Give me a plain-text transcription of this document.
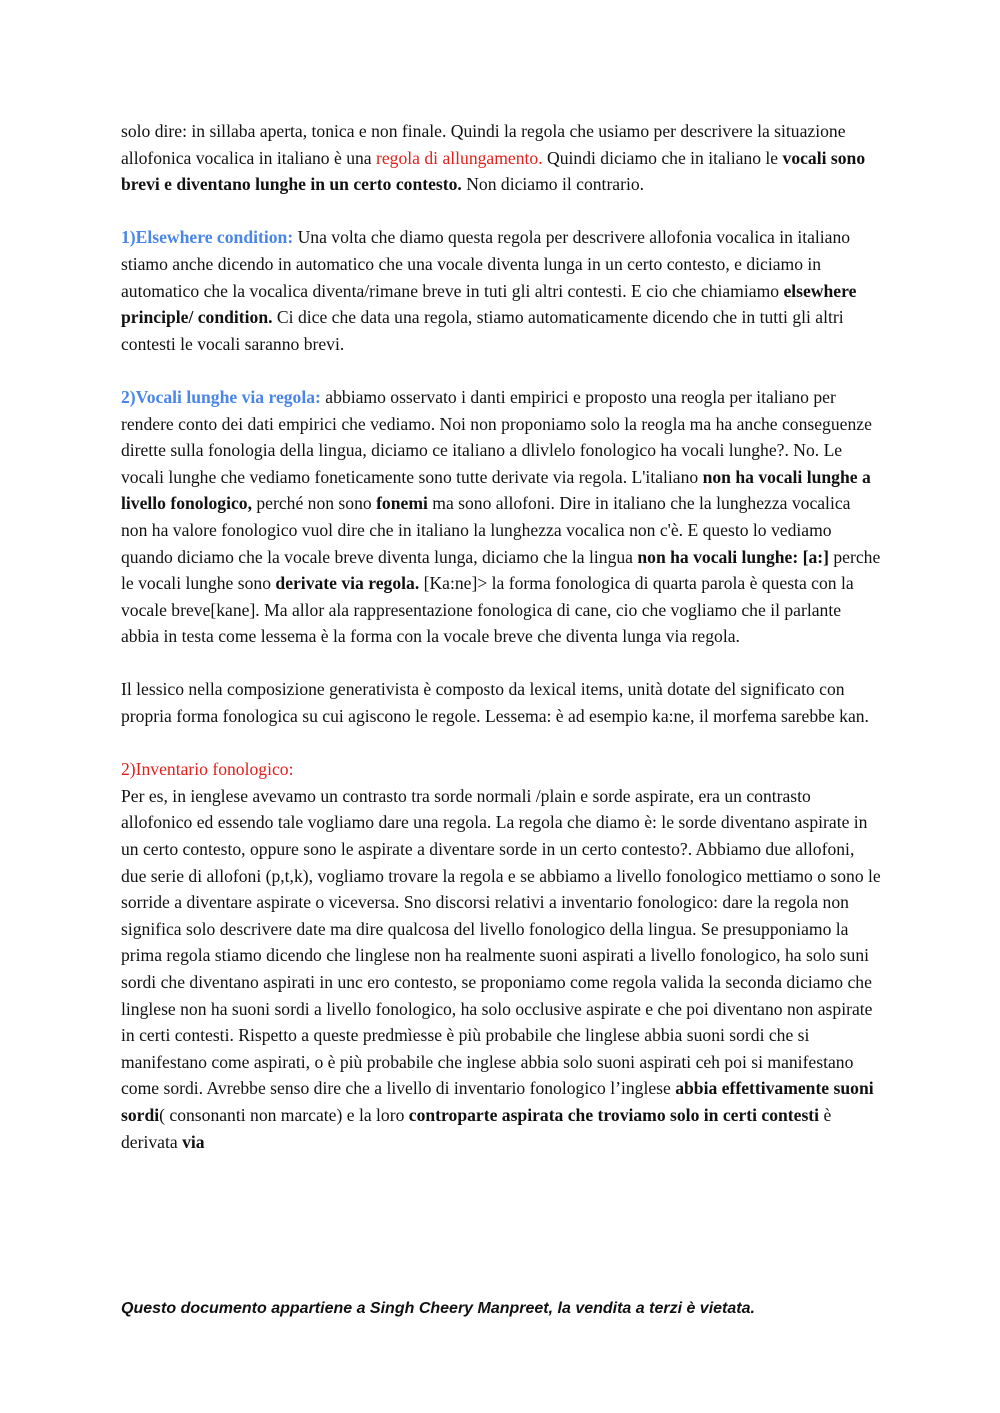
solo dire: in sillaba aperta, tonica e non finale. Quindi la regola che usiamo per descrivere la situazione allofonica vocalica in italiano è una regola di allungamento. Quindi diciamo che in italiano le vocali sono brevi e diventano lunghe in un certo contesto. Non diciamo il contrario.

1)Elsewhere condition: Una volta che diamo questa regola per descrivere allofonia vocalica in italiano stiamo anche dicendo in automatico che una vocale diventa lunga in un certo contesto, e diciamo in automatico che la vocalica diventa/rimane breve in tuti gli altri contesti. E cio che chiamiamo elsewhere principle/ condition. Ci dice che data una regola, stiamo automaticamente dicendo che in tutti gli altri contesti le vocali saranno brevi.

2)Vocali lunghe via regola: abbiamo osservato i danti empirici e proposto una reogla per italiano per rendere conto dei dati empirici che vediamo. Noi non proponiamo solo la reogla ma ha anche conseguenze dirette sulla fonologia della lingua, diciamo ce italiano a dlivlelo fonologico ha vocali lunghe?. No. Le vocali lunghe che vediamo foneticamente sono tutte derivate via regola. L'italiano non ha vocali lunghe a livello fonologico, perché non sono fonemi ma sono allofoni. Dire in italiano che la lunghezza vocalica non ha valore fonologico vuol dire che in italiano la lunghezza vocalica non c'è. E questo lo vediamo quando diciamo che la vocale breve diventa lunga, diciamo che la lingua non ha vocali lunghe: [a:] perche le vocali lunghe sono derivate via regola. [Ka:ne]> la forma fonologica di quarta parola è questa con la vocale breve[kane]. Ma allor ala rappresentazione fonologica di cane, cio che vogliamo che il parlante abbia in testa come lessema è la forma con la vocale breve che diventa lunga via regola.

Il lessico nella composizione generativista è composto da lexical items, unità dotate del significato con propria forma fonologica su cui agiscono le regole. Lessema: è ad esempio ka:ne, il morfema sarebbe kan.

2)Inventario fonologico:

Per es, in ienglese avevamo un contrasto tra sorde normali /plain e sorde aspirate, era un contrasto allofonico ed essendo tale vogliamo dare una regola. La regola che diamo è: le sorde diventano aspirate in un certo contesto, oppure sono le aspirate a diventare sorde in un certo contesto?. Abbiamo due allofoni, due serie di allofoni (p,t,k), vogliamo trovare la regola e se abbiamo a livello fonologico mettiamo o sono le sorride a diventare aspirate o viceversa. Sno discorsi relativi a inventario fonologico: dare la regola non significa solo descrivere date ma dire qualcosa del livello fonologico della lingua. Se presupponiamo la prima regola stiamo dicendo che linglese non ha realmente suoni aspirati a livello fonologico, ha solo suni sordi che diventano aspirati in unc ero contesto, se proponiamo come regola valida la seconda diciamo che linglese non ha suoni sordi a livello fonologico, ha solo occlusive aspirate e che poi diventano non aspirate in certi contesti. Rispetto a queste predmìesse è più probabile che linglese abbia suoni sordi che si manifestano come aspirati, o è più probabile che inglese abbia solo suoni aspirati ceh poi si manifestano come sordi. Avrebbe senso dire che a livello di inventario fonologico l’inglese abbia effettivamente suoni sordi( consonanti non marcate) e la loro controparte aspirata che troviamo solo in certi contesti è derivata via

Questo documento appartiene a Singh Cheery Manpreet, la vendita a terzi è vietata.
